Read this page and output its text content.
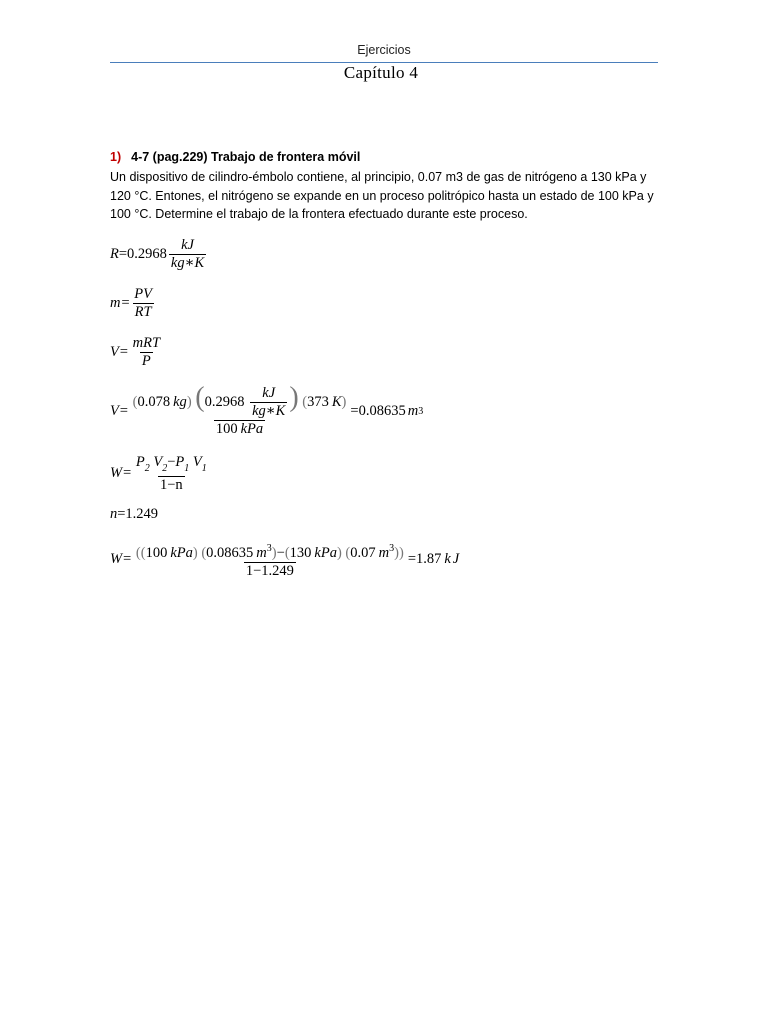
Ejercicios
Capítulo 4
1) 4-7 (pag.229) Trabajo de frontera móvil
Un dispositivo de cilindro-émbolo contiene, al principio, 0.07 m3 de gas de nitrógeno a 130 kPa y 120 °C. Entones, el nitrógeno se expande en un proceso politrópico hasta un estado de 100 kPa y 100 °C. Determine el trabajo de la frontera efectuado durante este proceso.
$R =0.2968 \frac{kJ}{kg∗K}$
$m= \frac{PV}{RT}$
$V= \frac{\text{mRT}}{P}$
V=
(0.078 kg) ($0.2968 \frac{kJ}{kg∗K}$ ) (373 K)
100 kPa
=0.08635 m 3
$W= \frac{P_2 V_2-P_1 V_1}{1-n}$
n =1.249
$W= \frac{((100 kPa) (0.08635 m^3)-(130 kPa) (0.07 m^3))}{1-1.249} =1.87$ kJ
